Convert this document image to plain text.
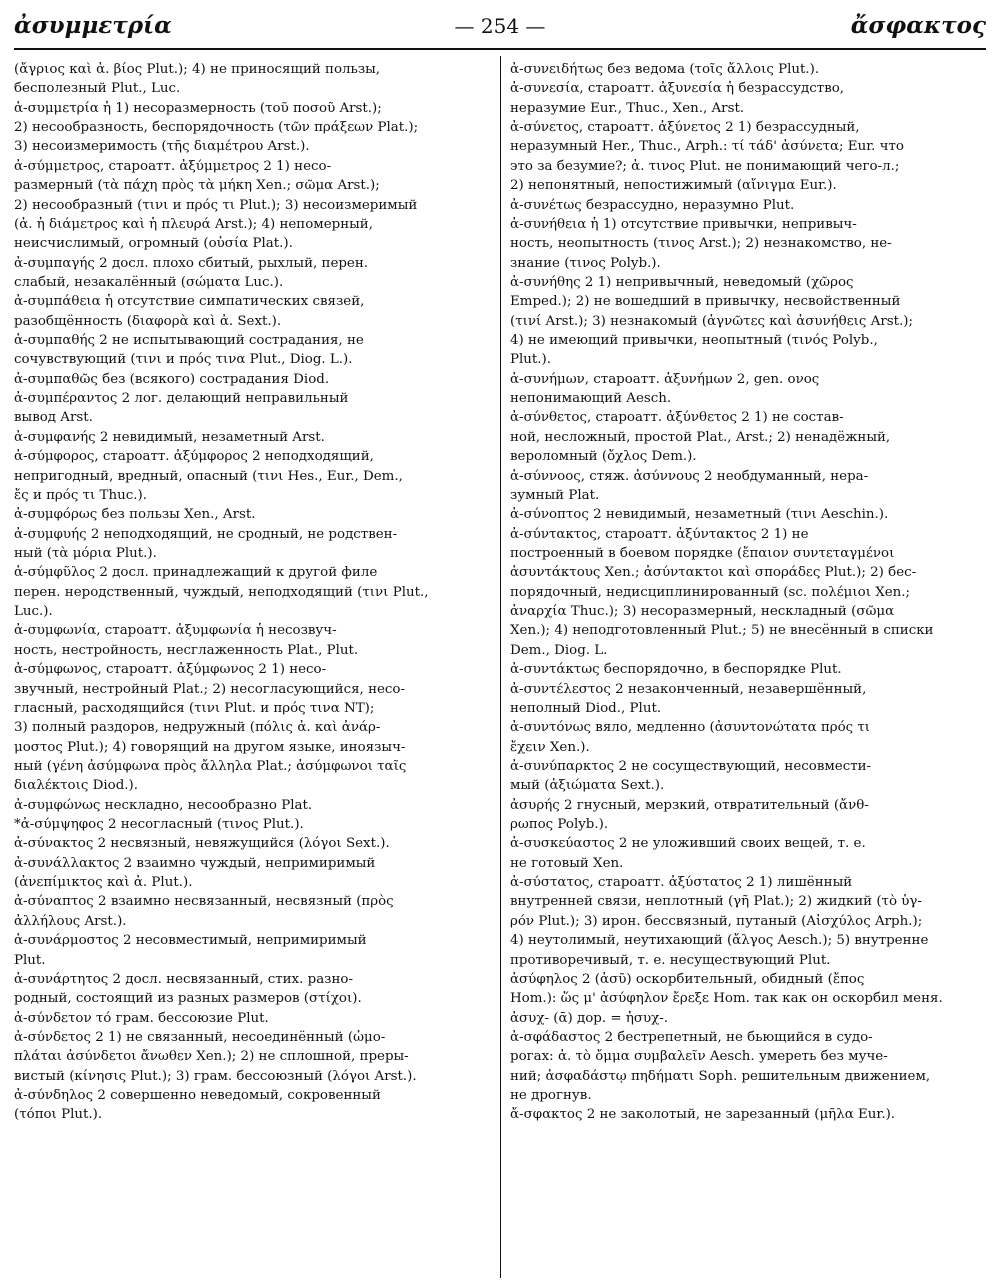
ἀσυμμετρία	— 254 —	ἄσφακτος
(ἄγριος καὶ ἀ. βίος Plut.); 4) не приносящий пользы,
бесполезный Plut., Luc.
ἀ-συμμετρία ἡ 1) несоразмерность (τοῦ ποσοῦ Arst.);
2) несообразность, беспорядочность (τῶν πράξεων Plat.);
3) несоизмеримость (τῆς διαμέτρου Arst.).
ἀ-σύμμετρος, староатт. ἀξύμμετρος 2 1) несо-
размерный (τὰ πάχη πρὸς τὰ μήκη Xen.; σῶμα Arst.);
2) несообразный (τινι и πρός τι Plut.); 3) несоизмеримый
(ἀ. ἡ διάμετρος καὶ ἡ πλευρά Arst.); 4) непомерный,
неисчислимый, огромный (οὐσία Plat.).
ἀ-συμπαγής 2 досл. плохо сбитый, рыхлый, перен.
слабый, незакалённый (σώματα Luc.).
ἀ-συμπάθεια ἡ отсутствие симпатических связей,
разобщённость (διαφορὰ καὶ ἀ. Sext.).
ἀ-συμπαθής 2 не испытывающий сострадания, не
сочувствующий (τινι и πρός τινα Plut., Diog. L.).
ἀ-συμπαθῶς без (всякого) сострадания Diod.
ἀ-συμπέραντος 2 лог. делающий неправильный
вывод Arst.
ἀ-συμφανής 2 невидимый, незаметный Arst.
ἀ-σύμφορος, староатт. ἀξύμφορος 2 неподходящий,
непригодный, вредный, опасный (τινι Hes., Eur., Dem.,
ἔς и πρός τι Thuc.).
ἀ-συμφόρως без пользы Xen., Arst.
ἀ-συμφυής 2 неподходящий, не сродный, не родствен-
ный (τὰ μόρια Plut.).
ἀ-σύμφῦλος 2 досл. принадлежащий к другой филе
перен. неродственный, чуждый, неподходящий (τινι Plut.,
Luc.).
ἀ-συμφωνία, староатт. ἀξυμφωνία ἡ несозвуч-
ность, нестройность, несглаженность Plat., Plut.
ἀ-σύμφωνος, староатт. ἀξύμφωνος 2 1) несо-
звучный, нестройный Plat.; 2) несогласующийся, несо-
гласный, расходящийся (τινι Plut. и πρός τινα NT);
3) полный раздоров, недружный (πόλις ἀ. καὶ ἀνάρ-
μοστος Plut.); 4) говорящий на другом языке, иноязыч-
ный (γένη ἀσύμφωνα πρὸς ἄλληλα Plat.; ἀσύμφωνοι ταῖς
διαλέκτοις Diod.).
ἀ-συμφώνως нескладно, несообразно Plat.
*ἀ-σύμψηφος 2 несогласный (τινος Plut.).
ἀ-σύνακτος 2 несвязный, невяжущийся (λόγοι Sext.).
ἀ-συνάλλακτος 2 взаимно чуждый, непримиримый
(ἀνεπίμικτος καὶ ἀ. Plut.).
ἀ-σύναπτος 2 взаимно несвязанный, несвязный (πρὸς
ἀλλήλους Arst.).
ἀ-συνάρμοστος 2 несовместимый, непримиримый
Plut.
ἀ-συνάρτητος 2 досл. несвязанный, стих. разно-
родный, состоящий из разных размеров (στίχοι).
ἀ-σύνδετον τό грам. бессоюзие Plut.
ἀ-σύνδετος 2 1) не связанный, несоединённый (ὠμο-
πλάται ἀσύνδετοι ἄνωθεν Xen.); 2) не сплошной, преры-
вистый (κίνησις Plut.); 3) грам. бессоюзный (λόγοι Arst.).
ἀ-σύνδηλος 2 совершенно неведомый, сокровенный
(τόποι Plut.).
ἀ-συνειδήτως без ведома (τοῖς ἄλλοις Plut.).
ἀ-συνεσία, староатт. ἀξυνεσία ἡ безрассудство,
неразумие Eur., Thuc., Xen., Arst.
ἀ-σύνετος, староатт. ἀξύνετος 2 1) безрассудный,
неразумный Her., Thuc., Arph.: τί τάδ' ἀσύνετα; Eur. что
это за безумие?; ἀ. τινος Plut. не понимающий чего-л.;
2) непонятный, непостижимый (αἴνιγμα Eur.).
ἀ-συνέτως безрассудно, неразумно Plut.
ἀ-συνήθεια ἡ 1) отсутствие привычки, непривыч-
ность, неопытность (τινος Arst.); 2) незнакомство, не-
знание (τινος Polyb.).
ἀ-συνήθης 2 1) непривычный, неведомый (χῶρος
Emped.); 2) не вошедший в привычку, несвойственный
(τινί Arst.); 3) незнакомый (ἀγνῶτες καὶ ἀσυνήθεις Arst.);
4) не имеющий привычки, неопытный (τινός Polyb.,
Plut.).
ἀ-συνήμων, староатт. ἀξυνήμων 2, gen. ονος
непонимающий Aesch.
ἀ-σύνθετος, староатт. ἀξύνθετος 2 1) не состав-
ной, несложный, простой Plat., Arst.; 2) ненадёжный,
вероломный (ὄχλος Dem.).
ἀ-σύννοος, стяж. ἀσύννους 2 необдуманный, нера-
зумный Plat.
ἀ-σύνοπτος 2 невидимый, незаметный (τινι Aeschin.).
ἀ-σύντακτος, староатт. ἀξύντακτος 2 1) не
построенный в боевом порядке (ἔπαιον συντεταγμένοι
ἀσυντάκτους Xen.; ἀσύντακτοι καὶ σποράδες Plut.); 2) бес-
порядочный, недисциплинированный (sc. πολέμιοι Xen.;
ἀναρχία Thuc.); 3) несоразмерный, нескладный (σῶμα
Xen.); 4) неподготовленный Plut.; 5) не внесённый в списки
Dem., Diog. L.
ἀ-συντάκτως беспорядочно, в беспорядке Plut.
ἀ-συντέλεστος 2 незаконченный, незавершённый,
неполный Diod., Plut.
ἀ-συντόνως вяло, медленно (ἀσυντονώτατα πρός τι
ἔχειν Xen.).
ἀ-συνύπαρκτος 2 не сосуществующий, несовмести-
мый (ἀξιώματα Sext.).
ἀσυρής 2 гнусный, мерзкий, отвратительный (ἄνθ-
ρωπος Polyb.).
ἀ-συσκεύαστος 2 не уложивший своих вещей, т. е.
не готовый Xen.
ἀ-σύστατος, староатт. ἀξύστατος 2 1) лишённый
внутренней связи, неплотный (γῆ Plat.); 2) жидкий (τὸ ὑγ-
ρόν Plut.); 3) ирон. бессвязный, путаный (Αἰσχύλος Arph.);
4) неутолимый, неутихающий (ἄλγος Aesch.); 5) внутренне
противоречивый, т. е. несуществующий Plut.
ἀσύφηλος 2 (ἀσῦ) оскорбительный, обидный (ἔπος
Hom.): ὥς μ' ἀσύφηλον ἔρεξε Hom. так как он оскорбил меня.
ἀσυχ- (ᾱ) дор. = ἡσυχ-.
ἀ-σφάδαστος 2 бестрепетный, не бьющийся в судо-
рогах: ἀ. τὸ ὄμμα συμβαλεῖν Aesch. умереть без муче-
ний; ἀσφαδάστῳ πηδήματι Soph. решительным движением,
не дрогнув.
ἄ-σφακτος 2 не заколотый, не зарезанный (μῆλα Eur.).
